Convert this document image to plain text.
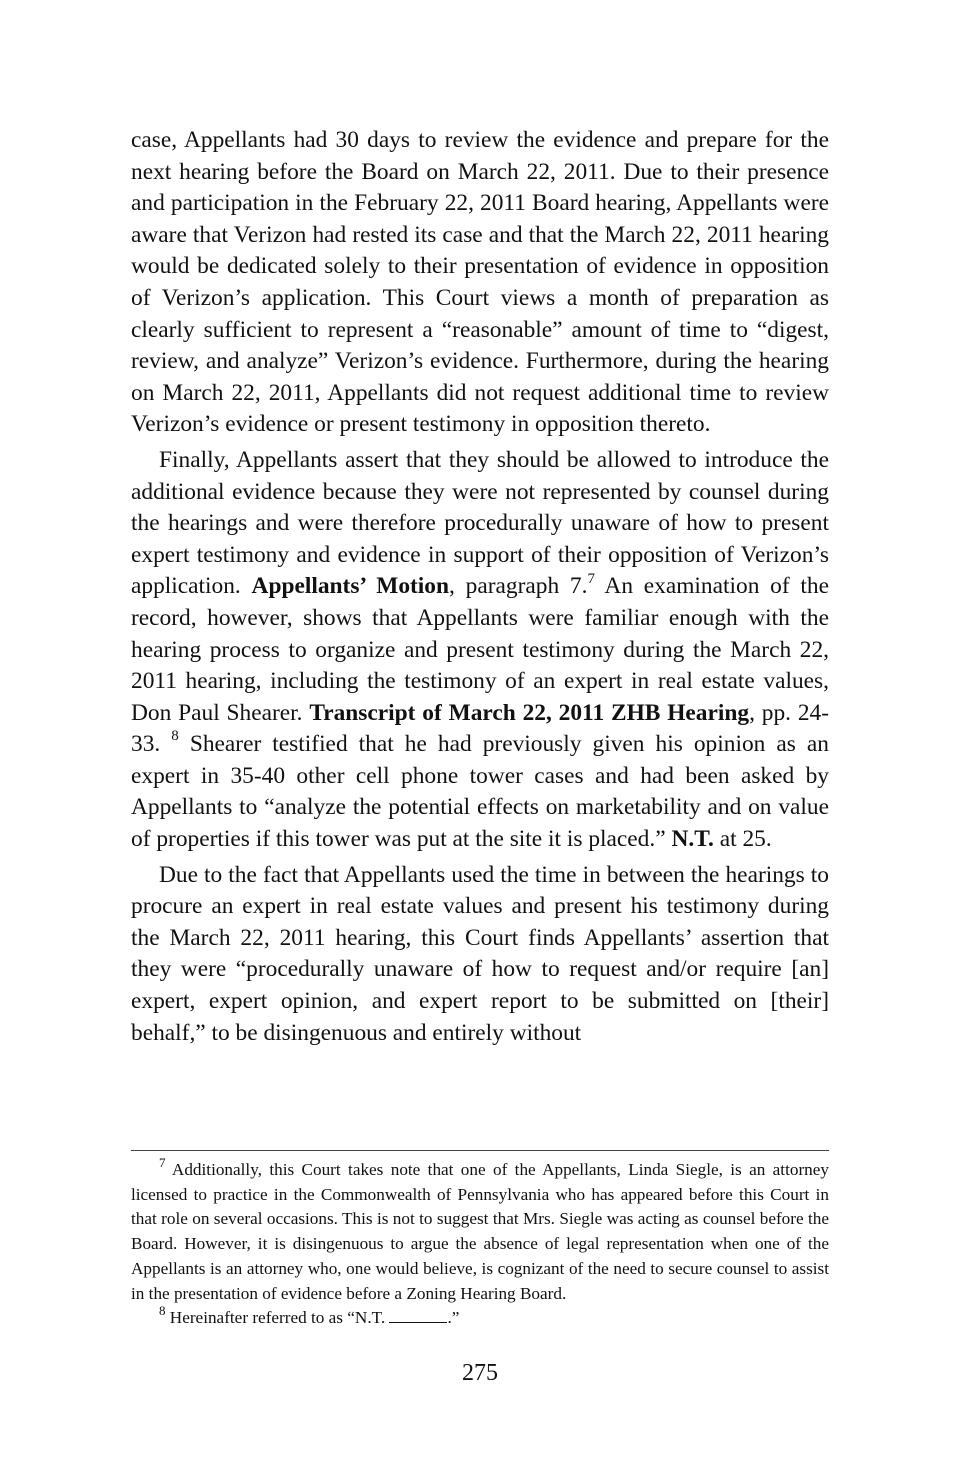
case, Appellants had 30 days to review the evidence and prepare for the next hearing before the Board on March 22, 2011. Due to their presence and participation in the February 22, 2011 Board hearing, Appellants were aware that Verizon had rested its case and that the March 22, 2011 hearing would be dedicated solely to their presentation of evidence in opposition of Verizon’s application. This Court views a month of preparation as clearly sufficient to represent a “reasonable” amount of time to “digest, review, and analyze” Verizon’s evidence. Furthermore, during the hearing on March 22, 2011, Appellants did not request additional time to review Verizon’s evidence or present testimony in opposition thereto.

Finally, Appellants assert that they should be allowed to introduce the additional evidence because they were not represented by counsel during the hearings and were therefore procedurally unaware of how to present expert testimony and evidence in support of their opposition of Verizon’s application. Appellants’ Motion, paragraph 7.$^7$ An examination of the record, however, shows that Appellants were familiar enough with the hearing process to organize and present testimony during the March 22, 2011 hearing, including the testimony of an expert in real estate values, Don Paul Shearer. Transcript of March 22, 2011 ZHB Hearing, pp. 24-33. $^8$ Shearer testified that he had previously given his opinion as an expert in 35-40 other cell phone tower cases and had been asked by Appellants to “analyze the potential effects on marketability and on value of properties if this tower was put at the site it is placed.” N.T. at 25.

Due to the fact that Appellants used the time in between the hearings to procure an expert in real estate values and present his testimony during the March 22, 2011 hearing, this Court finds Appellants’ assertion that they were “procedurally unaware of how to request and/or require [an] expert, expert opinion, and expert report to be submitted on [their] behalf,” to be disingenuous and entirely without

$^7$ Additionally, this Court takes note that one of the Appellants, Linda Siegle, is an attorney licensed to practice in the Commonwealth of Pennsylvania who has appeared before this Court in that role on several occasions. This is not to suggest that Mrs. Siegle was acting as counsel before the Board. However, it is disingenuous to argue the absence of legal representation when one of the Appellants is an attorney who, one would believe, is cognizant of the need to secure counsel to assist in the presentation of evidence before a Zoning Hearing Board.

$^8$ Hereinafter referred to as “N.T.	.”

275
